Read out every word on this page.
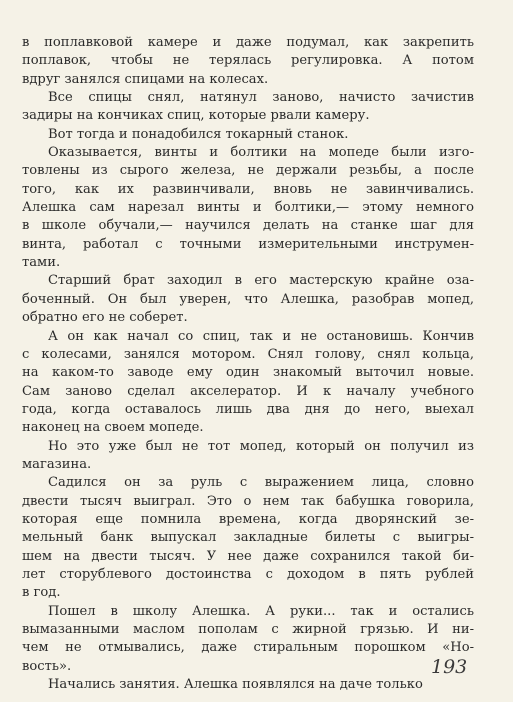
в поплавковой камере и даже подумал, как закрепить
поплавок, чтобы не терялась регулировка. А потом
вдруг занялся спицами на колесах.
Все спицы снял, натянул заново, начисто зачистив
задиры на кончиках спиц, которые рвали камеру.
Вот тогда и понадобился токарный станок.
Оказывается, винты и болтики на мопеде были изго-
товлены из сырого железа, не держали резьбы, а после
того, как их развинчивали, вновь не завинчивались.
Алешка сам нарезал винты и болтики,— этому немного
в школе обучали,— научился делать на станке шаг для
винта, работал с точными измерительными инструмен-
тами.
Старший брат заходил в его мастерскую крайне оза-
боченный. Он был уверен, что Алешка, разобрав мопед,
обратно его не соберет.
А он как начал со спиц, так и не остановишь. Кончив
с колесами, занялся мотором. Снял голову, снял кольца,
на каком-то заводе ему один знакомый выточил новые.
Сам заново сделал акселератор. И к началу учебного
года, когда оставалось лишь два дня до него, выехал
наконец на своем мопеде.
Но это уже был не тот мопед, который он получил из
магазина.
Садился он за руль с выражением лица, словно
двести тысяч выиграл. Это о нем так бабушка говорила,
которая еще помнила времена, когда дворянский зе-
мельный банк выпускал закладные билеты с выигры-
шем на двести тысяч. У нее даже сохранился такой би-
лет сторублевого достоинства с доходом в пять рублей
в год.
Пошел в школу Алешка. А руки... так и остались
вымазанными маслом пополам с жирной грязью. И ни-
чем не отмывались, даже стиральным порошком «Но-
вость».
Начались занятия. Алешка появлялся на даче только
193
